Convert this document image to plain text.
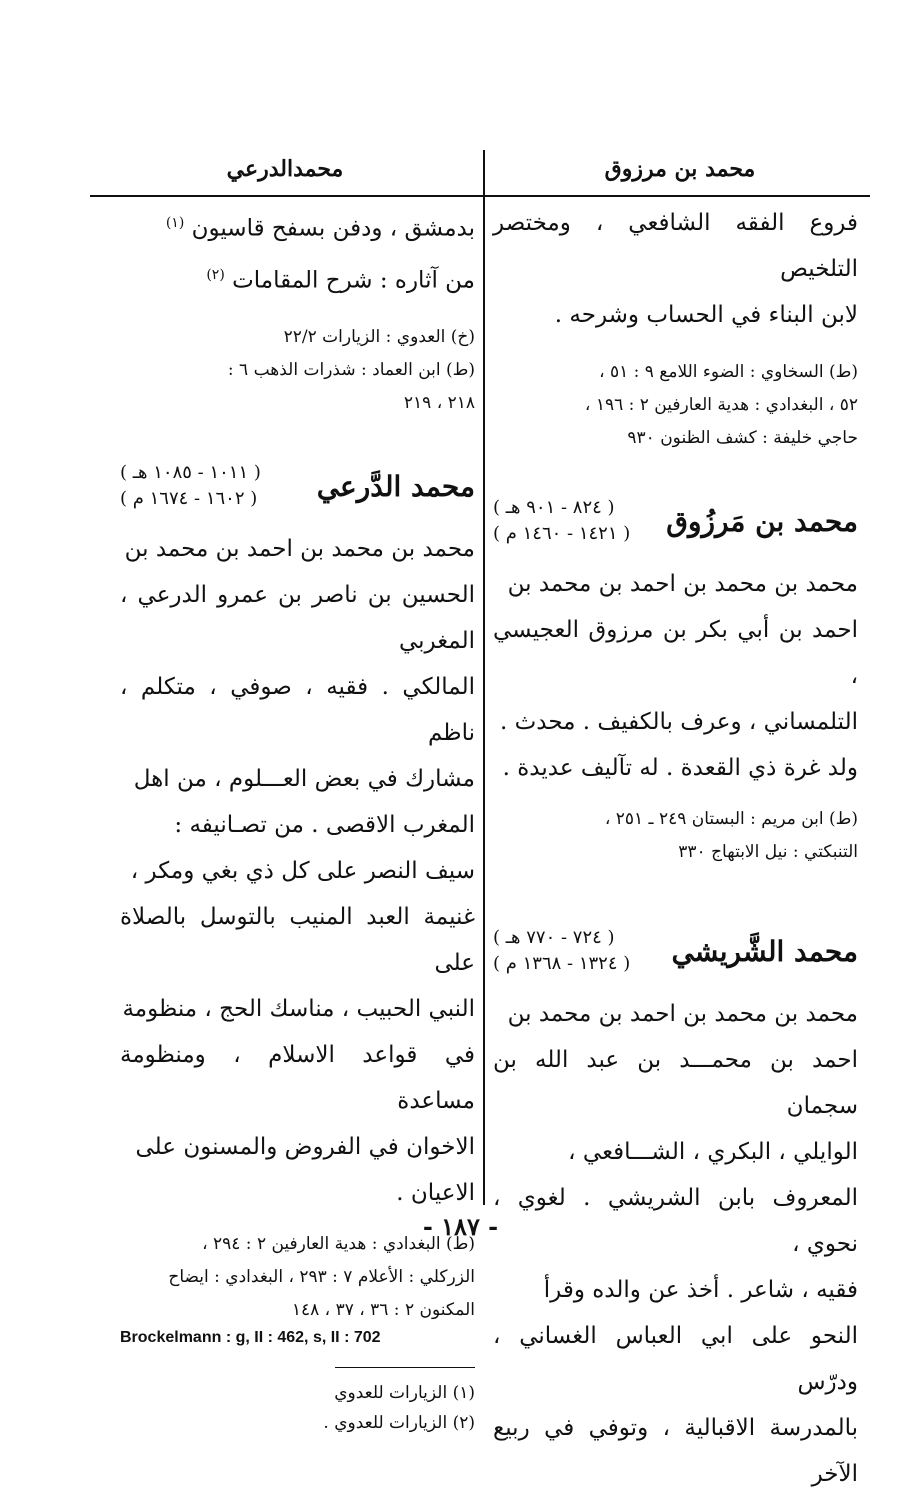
محمد بن مرزوق
محمدالدرعي

فروع الفقه الشافعي ، ومختصر التلخيص

لابن البناء في الحساب وشرحه .

(ط) السخاوي : الضوء اللامع ٩ : ٥١ ،

٥٢ ، البغدادي : هدية العارفين ٢ : ١٩٦ ،

حاجي خليفة : كشف الظنون ٩٣٠

محمد بن مَرزُوق
( ٨٢٤ - ٩٠١ هـ )
( ١٤٢١ - ١٤٦٠ م )

محمد بن محمد بن احمد بن محمد بن

احمد بن أبي بكر بن مرزوق العجيسي ،

التلمساني ، وعرف بالكفيف . محدث .

ولد غرة ذي القعدة . له تآليف عديدة .

(ط) ابن مريم : البستان ٢٤٩ ـ ٢٥١ ،

التنبكتي : نيل الابتهاج ٣٣٠

محمد الشَّريشي
( ٧٢٤ - ٧٧٠ هـ )
( ١٣٢٤ - ١٣٦٨ م )

محمد بن محمد بن احمد بن محمد بن

احمد بن محمـــد بن عبد الله بن سجمان

الوايلي ، البكري ، الشـــافعي ،

المعروف بابن الشريشي . لغوي ، نحوي ،

فقيه ، شاعر . أخذ عن والده وقرأ

النحو على ابي العباس الغساني ، ودرّس

بالمدرسة الاقبالية ، وتوفي في ربيع الآخر

بدمشق ، ودفن بسفح قاسيون $^{(١)}$

من آثاره : شرح المقامات $^{(٢)}$

(خ) العدوي : الزيارات ٢٢/٢

(ط) ابن العماد : شذرات الذهب ٦ :

٢١٨ ، ٢١٩

محمد الدَّرعي
( ١٠١١ - ١٠٨٥ هـ )
( ١٦٠٢ - ١٦٧٤ م )

محمد بن محمد بن احمد بن محمد بن

الحسين بن ناصر بن عمرو الدرعي ، المغربي

المالكي . فقيه ، صوفي ، متكلم ، ناظم

مشارك في بعض العـــلوم ، من اهل

المغرب الاقصى . من تصـانيفه :

سيف النصر على كل ذي بغي ومكر ،

غنيمة العبد المنيب بالتوسل بالصلاة على

النبي الحبيب ، مناسك الحج ، منظومة

في قواعد الاسلام ، ومنظومة مساعدة

الاخوان في الفروض والمسنون على

الاعيان .

(ط) البغدادي : هدية العارفين ٢ : ٢٩٤ ،

الزركلي : الأعلام ٧ : ٢٩٣ ، البغدادي : ايضاح

المكنون ٢ : ٣٦ ، ٣٧ ، ١٤٨

Brockelmann : g, II : 462, s, II : 702

(١) الزيارات للعدوي

(٢) الزيارات للعدوي .

- ١٨٧ -
